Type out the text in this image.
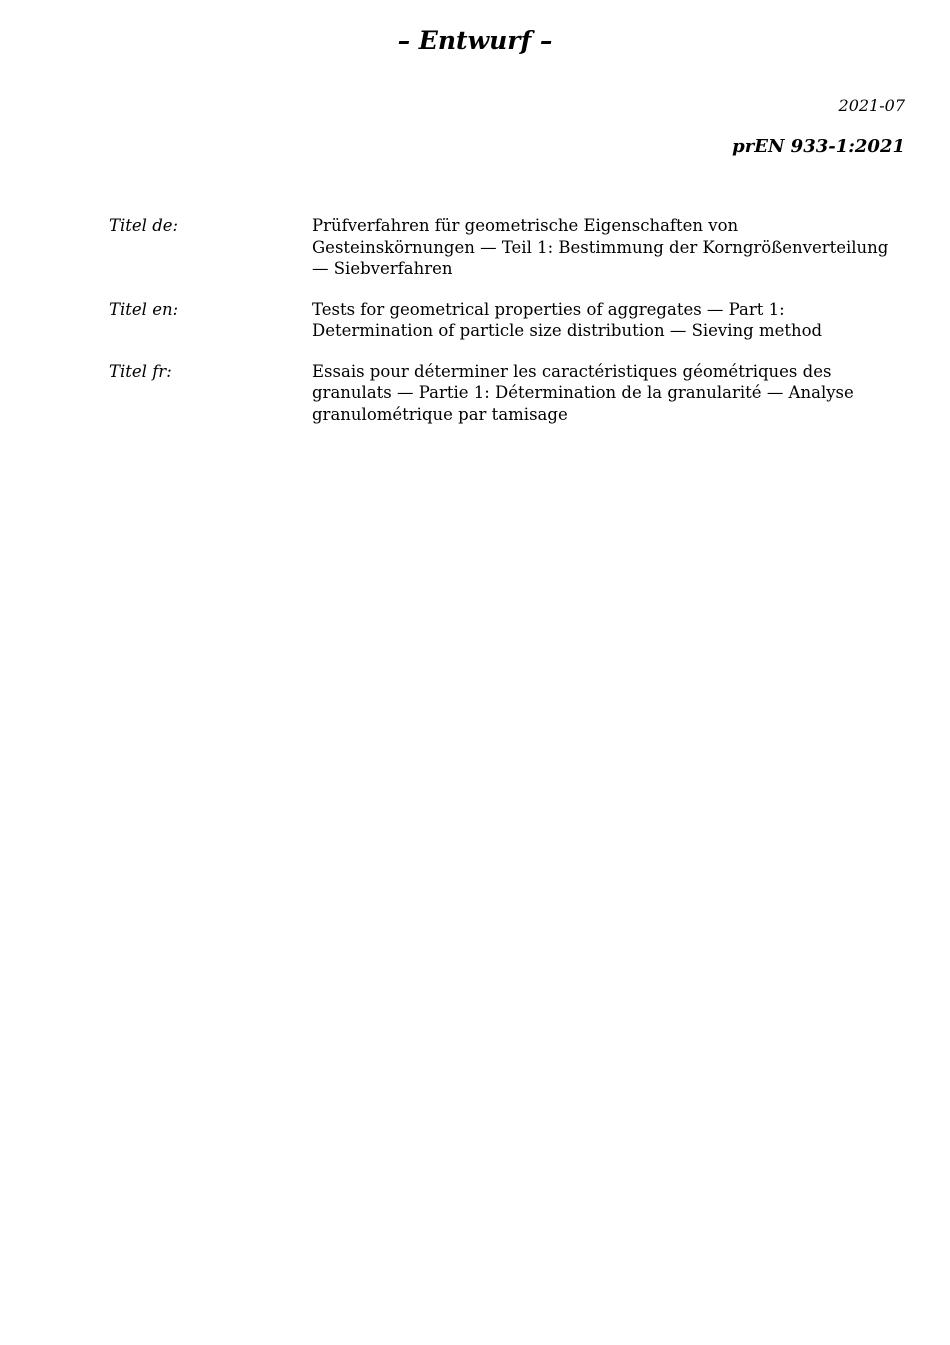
– Entwurf –
2021-07
prEN 933-1:2021
Titel de:	Prüfverfahren für geometrische Eigenschaften von Gesteinskörnungen — Teil 1: Bestimmung der Korngrößenverteilung — Siebverfahren
Titel en:	Tests for geometrical properties of aggregates — Part 1: Determination of particle size distribution — Sieving method
Titel fr:	Essais pour déterminer les caractéristiques géométriques des granulats — Partie 1: Détermination de la granularité — Analyse granulométrique par tamisage
